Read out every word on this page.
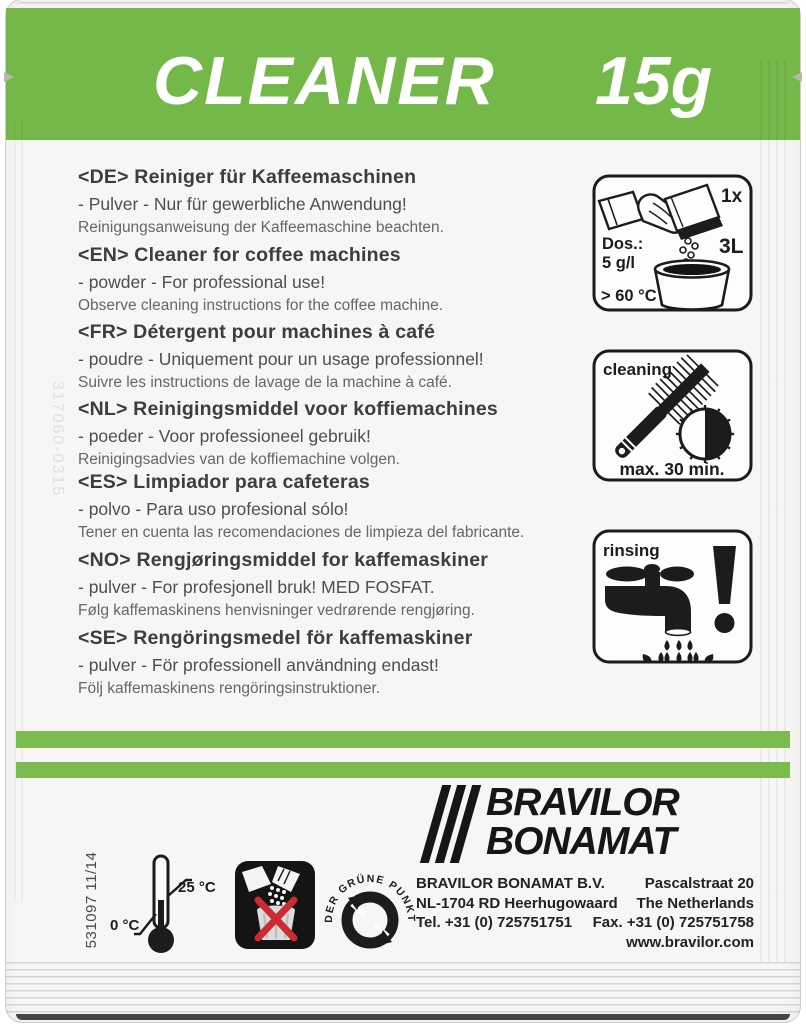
CLEANER 15g
317060-0315
<DE> Reiniger für Kaffeemaschinen
- Pulver - Nur für gewerbliche Anwendung!
Reinigungsanweisung der Kaffeemaschine beachten.
<EN> Cleaner for coffee machines
- powder - For professional use!
Observe cleaning instructions for the coffee machine.
<FR> Détergent pour machines à café
- poudre - Uniquement pour un usage professionnel!
Suivre les instructions de lavage de la machine à café.
<NL> Reinigingsmiddel voor koffiemachines
- poeder - Voor professioneel gebruik!
Reinigingsadvies van de koffiemachine volgen.
<ES> Limpiador para cafeteras
- polvo - Para uso profesional sólo!
Tener en cuenta las recomendaciones de limpieza del fabricante.
<NO> Rengjøringsmiddel for kaffemaskiner
- pulver - For profesjonell bruk! MED FOSFAT.
Følg kaffemaskinens henvisninger vedrørende rengjøring.
<SE> Rengöringsmedel för kaffemaskiner
- pulver - För professionell användning endast!
Följ kaffemaskinens rengöringsinstruktioner.
1x
3L
Dos.:
5 g/l
> 60 °C
cleaning
max. 30 min.
rinsing
BRAVILOR
BONAMAT
BRAVILOR BONAMAT B.V.	Pascalstraat 20
NL-1704 RD Heerhugowaard The Netherlands
Tel. +31 (0) 725751751 Fax. +31 (0) 725751758
www.bravilor.com
531097 11/14	25 °C
0 °C	DER GRÜNE PUNKT
